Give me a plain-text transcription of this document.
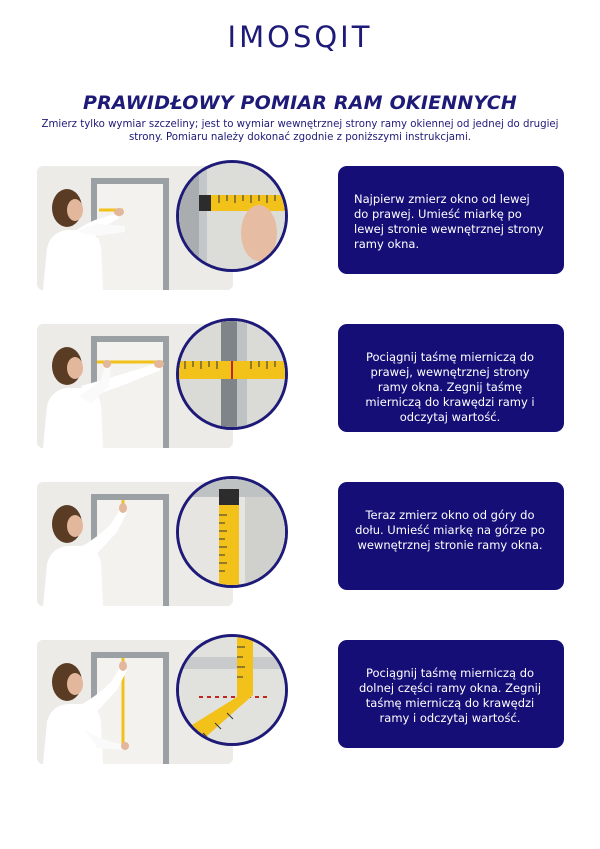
IMOSQIT
PRAWIDŁOWY POMIAR RAM OKIENNYCH
Zmierz tylko wymiar szczeliny; jest to wymiar wewnętrznej strony ramy okiennej od jednej do drugiej strony. Pomiaru należy dokonać zgodnie z poniższymi instrukcjami.
Najpierw zmierz okno od lewej do prawej. Umieść miarkę po lewej stronie wewnętrznej strony ramy okna.
Pociągnij taśmę mierniczą do prawej, wewnętrznej strony ramy okna. Zegnij taśmę mierniczą do krawędzi ramy i odczytaj wartość.
Teraz zmierz okno od góry do dołu. Umieść miarkę na górze po wewnętrznej stronie ramy okna.
Pociągnij taśmę mierniczą do dolnej części ramy okna. Zegnij taśmę mierniczą do krawędzi ramy i odczytaj wartość.
